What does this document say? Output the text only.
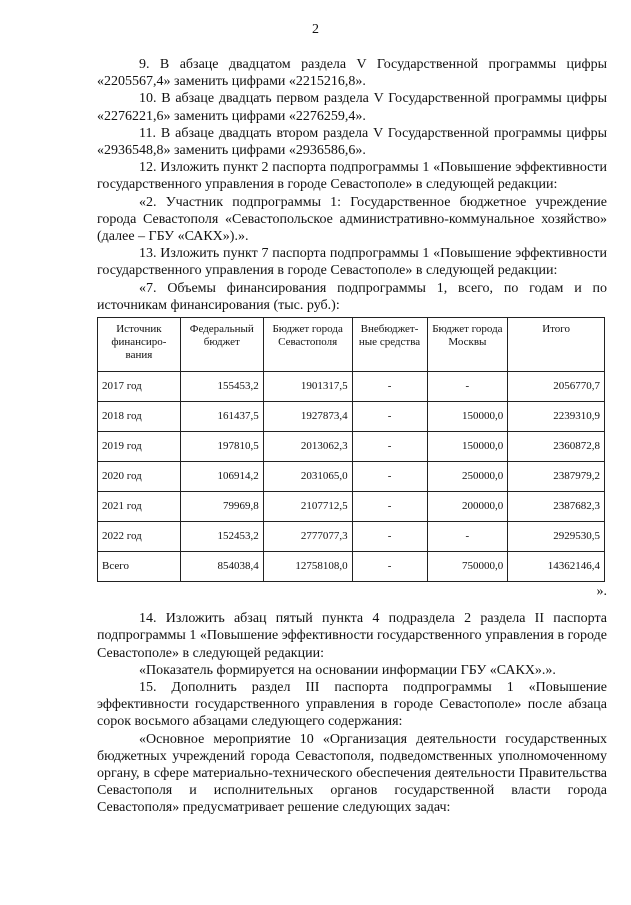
2

9. В абзаце двадцатом раздела V Государственной программы цифры «2205567,4» заменить цифрами «2215216,8».

10. В абзаце двадцать первом раздела V Государственной программы цифры «2276221,6» заменить цифрами «2276259,4».

11. В абзаце двадцать втором раздела V Государственной программы цифры «2936548,8» заменить цифрами «2936586,6».

12. Изложить пункт 2 паспорта подпрограммы 1 «Повышение эффективности государственного управления в городе Севастополе» в следующей редакции:

«2. Участник подпрограммы 1: Государственное бюджетное учреждение города Севастополя «Севастопольское административно-коммунальное хозяйство» (далее – ГБУ «САКХ»).».

13. Изложить пункт 7 паспорта подпрограммы 1 «Повышение эффективности государственного управления в городе Севастополе» в следующей редакции:

«7. Объемы финансирования подпрограммы 1, всего, по годам и по источникам финансирования (тыс. руб.):

Источник финансиро-вания	Федеральный бюджет	Бюджет города Севастополя	Внебюджет-ные средства	Бюджет города Москвы	Итого
2017 год	155453,2	1901317,5	-	-	2056770,7
2018 год	161437,5	1927873,4	-	150000,0	2239310,9
2019 год	197810,5	2013062,3	-	150000,0	2360872,8
2020 год	106914,2	2031065,0	-	250000,0	2387979,2
2021 год	79969,8	2107712,5	-	200000,0	2387682,3
2022 год	152453,2	2777077,3	-	-	2929530,5
Всего	854038,4	12758108,0	-	750000,0	14362146,4

».

14. Изложить абзац пятый пункта 4 подраздела 2 раздела II паспорта подпрограммы 1 «Повышение эффективности государственного управления в городе Севастополе» в следующей редакции:

«Показатель формируется на основании информации ГБУ «САКХ».».

15. Дополнить раздел III паспорта подпрограммы 1 «Повышение эффективности государственного управления в городе Севастополе» после абзаца сорок восьмого абзацами следующего содержания:

«Основное мероприятие 10 «Организация деятельности государственных бюджетных учреждений города Севастополя, подведомственных уполномоченному органу, в сфере материально-технического обеспечения деятельности Правительства Севастополя и исполнительных органов государственной власти города Севастополя» предусматривает решение следующих задач:
